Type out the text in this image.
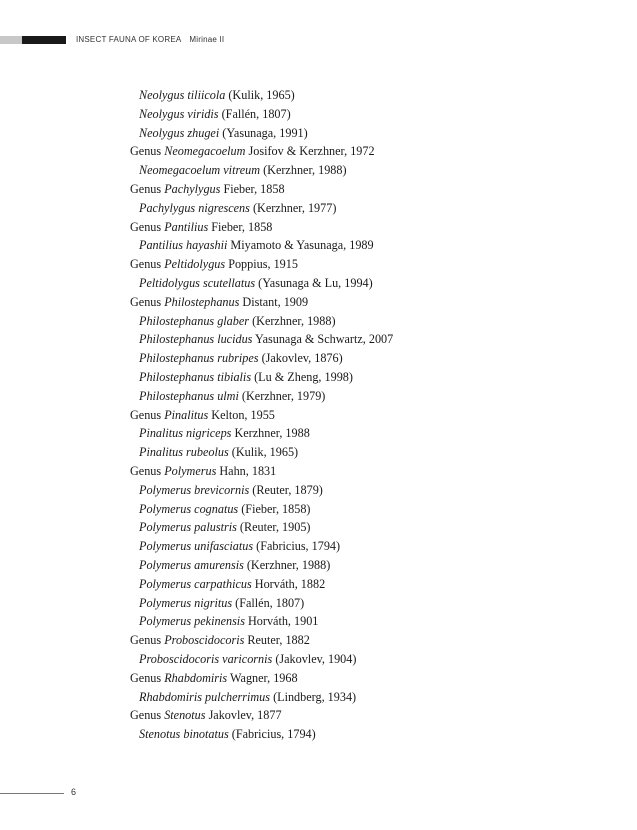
INSECT FAUNA OF KOREA Mirinae II
Neolygus tiliicola (Kulik, 1965)
Neolygus viridis (Fallén, 1807)
Neolygus zhugei (Yasunaga, 1991)
Genus Neomegacoelum Josifov & Kerzhner, 1972
Neomegacoelum vitreum (Kerzhner, 1988)
Genus Pachylygus Fieber, 1858
Pachylygus nigrescens (Kerzhner, 1977)
Genus Pantilius Fieber, 1858
Pantilius hayashii Miyamoto & Yasunaga, 1989
Genus Peltidolygus Poppius, 1915
Peltidolygus scutellatus (Yasunaga & Lu, 1994)
Genus Philostephanus Distant, 1909
Philostephanus glaber (Kerzhner, 1988)
Philostephanus lucidus Yasunaga & Schwartz, 2007
Philostephanus rubripes (Jakovlev, 1876)
Philostephanus tibialis (Lu & Zheng, 1998)
Philostephanus ulmi (Kerzhner, 1979)
Genus Pinalitus Kelton, 1955
Pinalitus nigriceps Kerzhner, 1988
Pinalitus rubeolus (Kulik, 1965)
Genus Polymerus Hahn, 1831
Polymerus brevicornis (Reuter, 1879)
Polymerus cognatus (Fieber, 1858)
Polymerus palustris (Reuter, 1905)
Polymerus unifasciatus (Fabricius, 1794)
Polymerus amurensis (Kerzhner, 1988)
Polymerus carpathicus Horváth, 1882
Polymerus nigritus (Fallén, 1807)
Polymerus pekinensis Horváth, 1901
Genus Proboscidocoris Reuter, 1882
Proboscidocoris varicornis (Jakovlev, 1904)
Genus Rhabdomiris Wagner, 1968
Rhabdomiris pulcherrimus (Lindberg, 1934)
Genus Stenotus Jakovlev, 1877
Stenotus binotatus (Fabricius, 1794)
6
